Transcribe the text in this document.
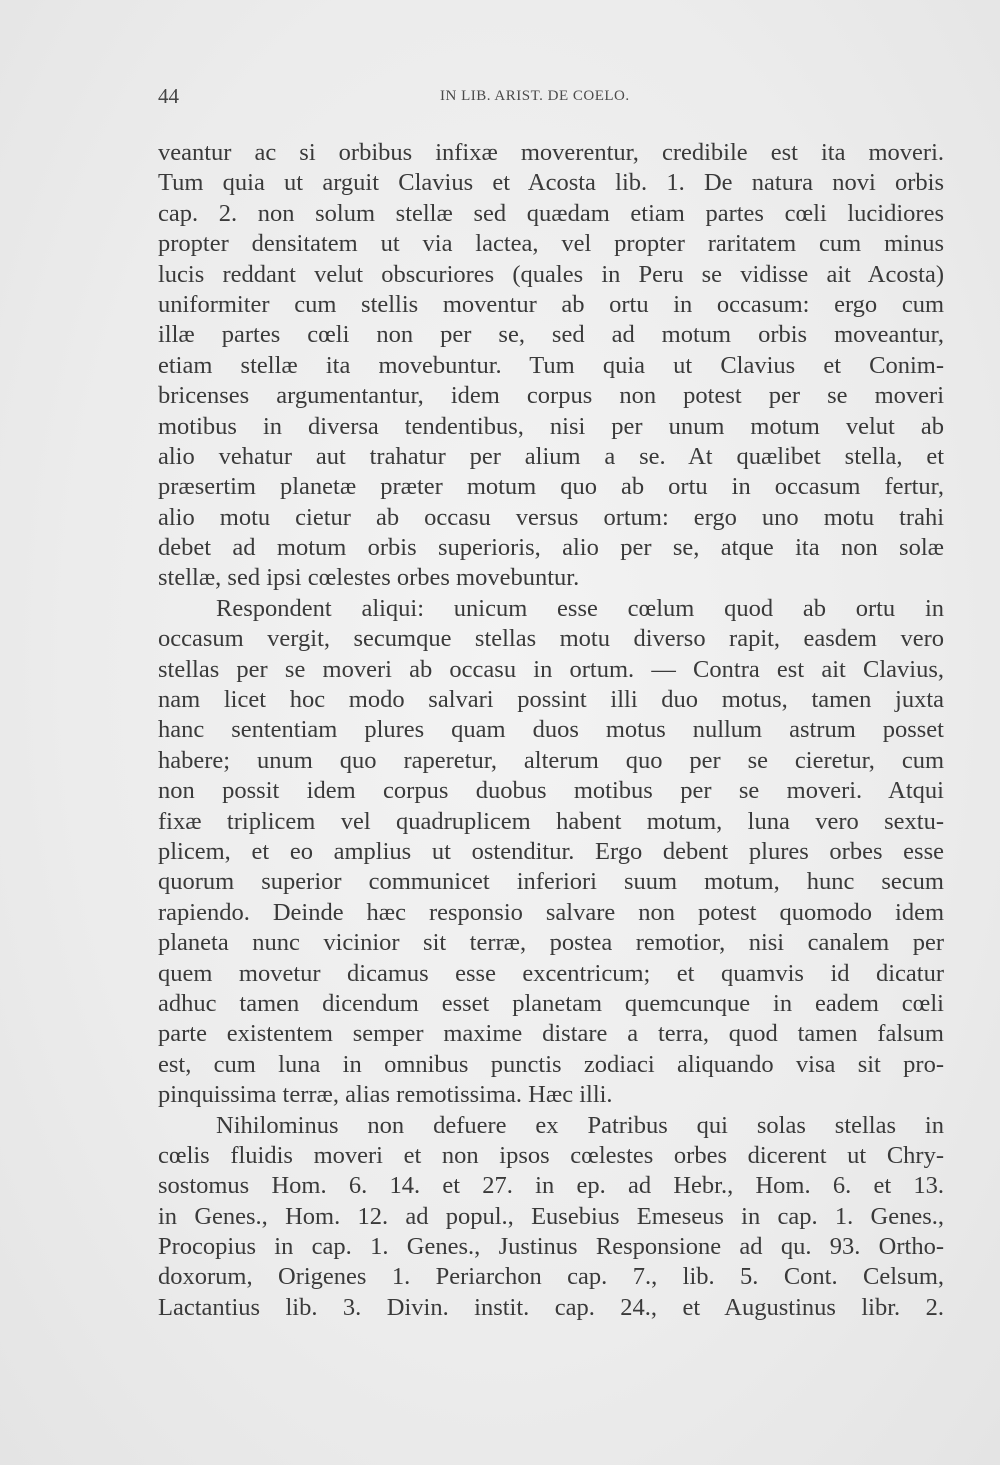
44	IN LIB. ARIST. DE COELO.
veantur ac si orbibus infixæ moverentur, credibile est ita moveri.
Tum quia ut arguit Clavius et Acosta lib. 1. De natura novi orbis
cap. 2. non solum stellæ sed quædam etiam partes cœli lucidiores
propter densitatem ut via lactea, vel propter raritatem cum minus
lucis reddant velut obscuriores (quales in Peru se vidisse ait Acosta)
uniformiter cum stellis moventur ab ortu in occasum: ergo cum
illæ partes cœli non per se, sed ad motum orbis moveantur,
etiam stellæ ita movebuntur. Tum quia ut Clavius et Conim-
bricenses argumentantur, idem corpus non potest per se moveri
motibus in diversa tendentibus, nisi per unum motum velut ab
alio vehatur aut trahatur per alium a se. At quælibet stella, et
præsertim planetæ præter motum quo ab ortu in occasum fertur,
alio motu cietur ab occasu versus ortum: ergo uno motu trahi
debet ad motum orbis superioris, alio per se, atque ita non solæ
stellæ, sed ipsi cœlestes orbes movebuntur.
Respondent aliqui: unicum esse cœlum quod ab ortu in
occasum vergit, secumque stellas motu diverso rapit, easdem vero
stellas per se moveri ab occasu in ortum. — Contra est ait Clavius,
nam licet hoc modo salvari possint illi duo motus, tamen juxta
hanc sententiam plures quam duos motus nullum astrum posset
habere; unum quo raperetur, alterum quo per se cieretur, cum
non possit idem corpus duobus motibus per se moveri. Atqui
fixæ triplicem vel quadruplicem habent motum, luna vero sextu-
plicem, et eo amplius ut ostenditur. Ergo debent plures orbes esse
quorum superior communicet inferiori suum motum, hunc secum
rapiendo. Deinde hæc responsio salvare non potest quomodo idem
planeta nunc vicinior sit terræ, postea remotior, nisi canalem per
quem movetur dicamus esse excentricum; et quamvis id dicatur
adhuc tamen dicendum esset planetam quemcunque in eadem cœli
parte existentem semper maxime distare a terra, quod tamen falsum
est, cum luna in omnibus punctis zodiaci aliquando visa sit pro-
pinquissima terræ, alias remotissima. Hæc illi.
Nihilominus non defuere ex Patribus qui solas stellas in
cœlis fluidis moveri et non ipsos cœlestes orbes dicerent ut Chry-
sostomus Hom. 6. 14. et 27. in ep. ad Hebr., Hom. 6. et 13.
in Genes., Hom. 12. ad popul., Eusebius Emeseus in cap. 1. Genes.,
Procopius in cap. 1. Genes., Justinus Responsione ad qu. 93. Ortho-
doxorum, Origenes 1. Periarchon cap. 7., lib. 5. Cont. Celsum,
Lactantius lib. 3. Divin. instit. cap. 24., et Augustinus libr. 2.
